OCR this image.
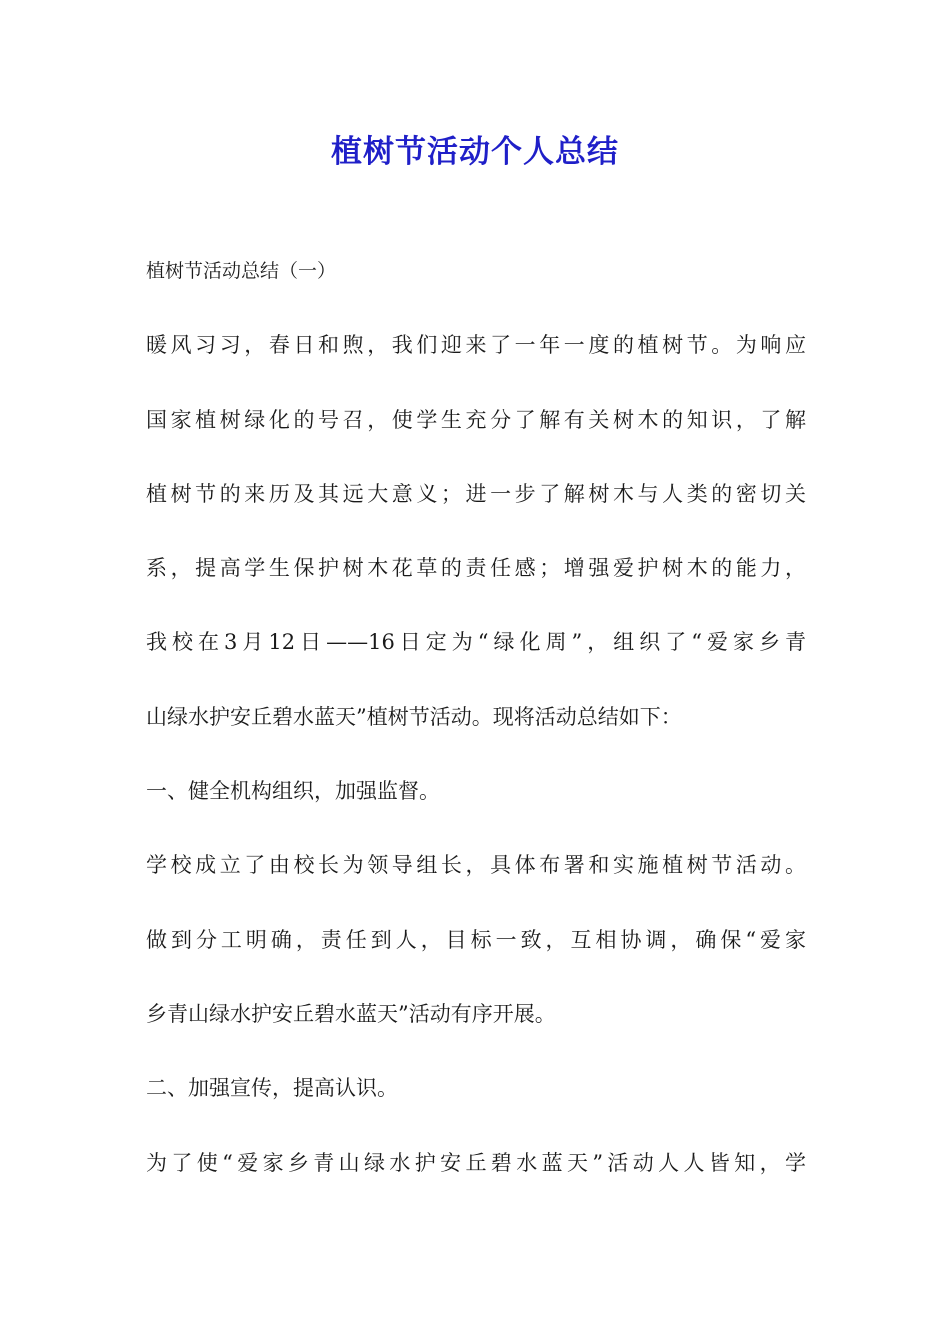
植树节活动个人总结
植树节活动总结（一）
暖风习习，春日和煦，我们迎来了一年一度的植树节。为响应
国家植树绿化的号召，使学生充分了解有关树木的知识，了解
植树节的来历及其远大意义；进一步了解树木与人类的密切关
系，提高学生保护树木花草的责任感；增强爱护树木的能力，
我校在3月12日——16日定为“绿化周”，组织了“爱家乡青
山绿水护安丘碧水蓝天”植树节活动。现将活动总结如下：
一、健全机构组织，加强监督。
学校成立了由校长为领导组长，具体布署和实施植树节活动。
做到分工明确，责任到人，目标一致，互相协调，确保“爱家
乡青山绿水护安丘碧水蓝天”活动有序开展。
二、加强宣传，提高认识。
为了使“爱家乡青山绿水护安丘碧水蓝天”活动人人皆知，学
